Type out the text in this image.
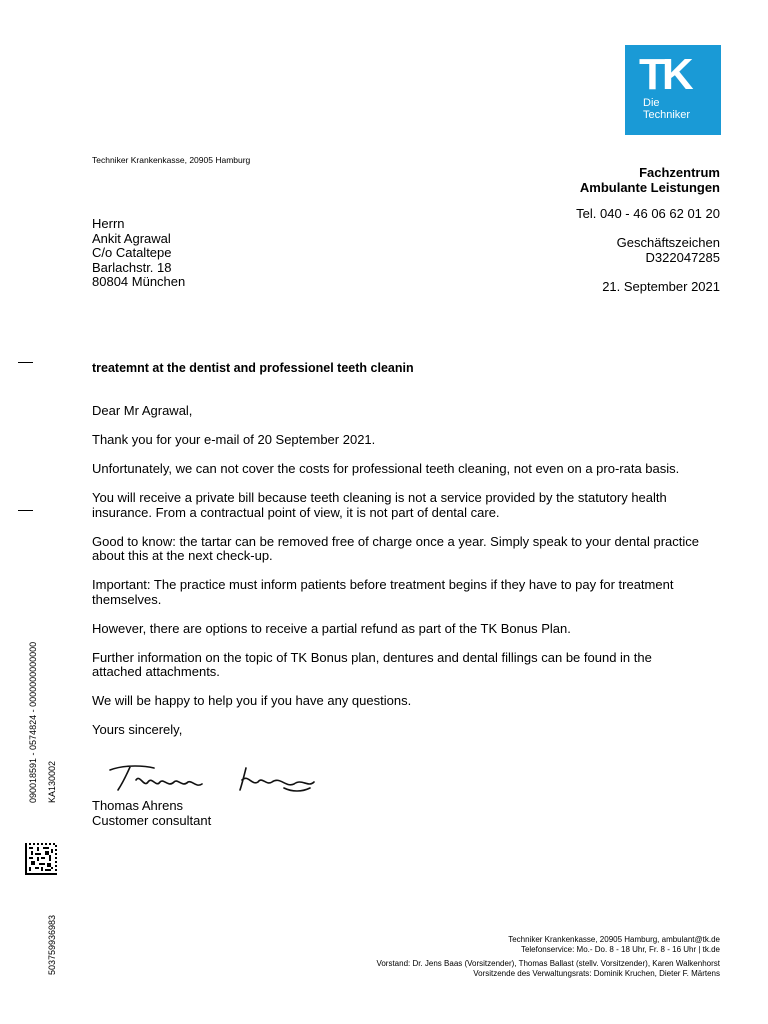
TK
Die
Techniker
Techniker Krankenkasse, 20905 Hamburg
Fachzentrum
Ambulante Leistungen
Tel. 040 - 46 06 62 01 20
Geschäftszeichen
D322047285
21. September 2021
Herrn
Ankit Agrawal
C/o Cataltepe
Barlachstr. 18
80804 München
treatemnt at the dentist and professionel teeth cleanin

Dear Mr Agrawal,

Thank you for your e-mail of 20 September 2021.

Unfortunately, we can not cover the costs for professional teeth cleaning, not even on a pro-rata basis.

You will receive a private bill because teeth cleaning is not a service provided by the statutory health insurance. From a contractual point of view, it is not part of dental care.

Good to know: the tartar can be removed free of charge once a year. Simply speak to your dental practice about this at the next check-up.

Important: The practice must inform patients before treatment begins if they have to pay for treatment themselves.

However, there are options to receive a partial refund as part of the TK Bonus Plan.

Further information on the topic of TK Bonus plan, dentures and dental fillings can be found in the attached attachments.

We will be happy to help you if you have any questions.

Yours sincerely,

Thomas Ahrens
Customer consultant
Techniker Krankenkasse, 20905 Hamburg, ambulant@tk.de
Telefonservice: Mo.- Do. 8 - 18 Uhr, Fr. 8 - 16 Uhr | tk.de
Vorstand: Dr. Jens Baas (Vorsitzender), Thomas Ballast (stellv. Vorsitzender), Karen Walkenhorst
Vorsitzende des Verwaltungsrats: Dominik Kruchen, Dieter F. Märtens
090018591 - 0574824 - 0000000000000 KA130002
503759936983
